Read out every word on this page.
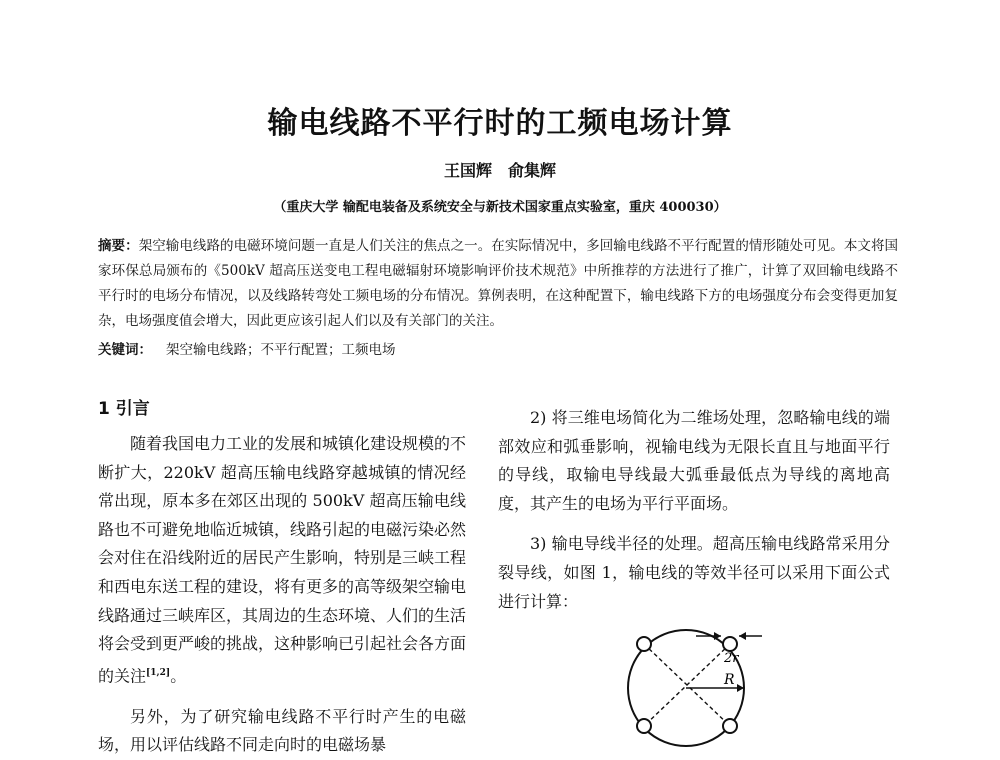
输电线路不平行时的工频电场计算
王国辉　俞集辉
（重庆大学 输配电装备及系统安全与新技术国家重点实验室，重庆 400030）
摘要：架空输电线路的电磁环境问题一直是人们关注的焦点之一。在实际情况中，多回输电线路不平行配置的情形随处可见。本文将国家环保总局颁布的《500kV 超高压送变电工程电磁辐射环境影响评价技术规范》中所推荐的方法进行了推广，计算了双回输电线路不平行时的电场分布情况，以及线路转弯处工频电场的分布情况。算例表明，在这种配置下，输电线路下方的电场强度分布会变得更加复杂，电场强度值会增大，因此更应该引起人们以及有关部门的关注。
关键词： 架空输电线路；不平行配置；工频电场
1 引言

随着我国电力工业的发展和城镇化建设规模的不断扩大，220kV 超高压输电线路穿越城镇的情况经常出现，原本多在郊区出现的 500kV 超高压输电线路也不可避免地临近城镇，线路引起的电磁污染必然会对住在沿线附近的居民产生影响，特别是三峡工程和西电东送工程的建设，将有更多的高等级架空输电线路通过三峡库区，其周边的生态环境、人们的生活将会受到更严峻的挑战，这种影响已引起社会各方面的关注[1,2]。

另外，为了研究输电线路不平行时产生的电磁场，用以评估线路不同走向时的电磁场暴

2) 将三维电场简化为二维场处理，忽略输电线的端部效应和弧垂影响，视输电线为无限长直且与地面平行的导线，取输电导线最大弧垂最低点为导线的离地高度，其产生的电场为平行平面场。

3) 输电导线半径的处理。超高压输电线路常采用分裂导线，如图 1，输电线的等效半径可以采用下面公式进行计算：

2r
R
